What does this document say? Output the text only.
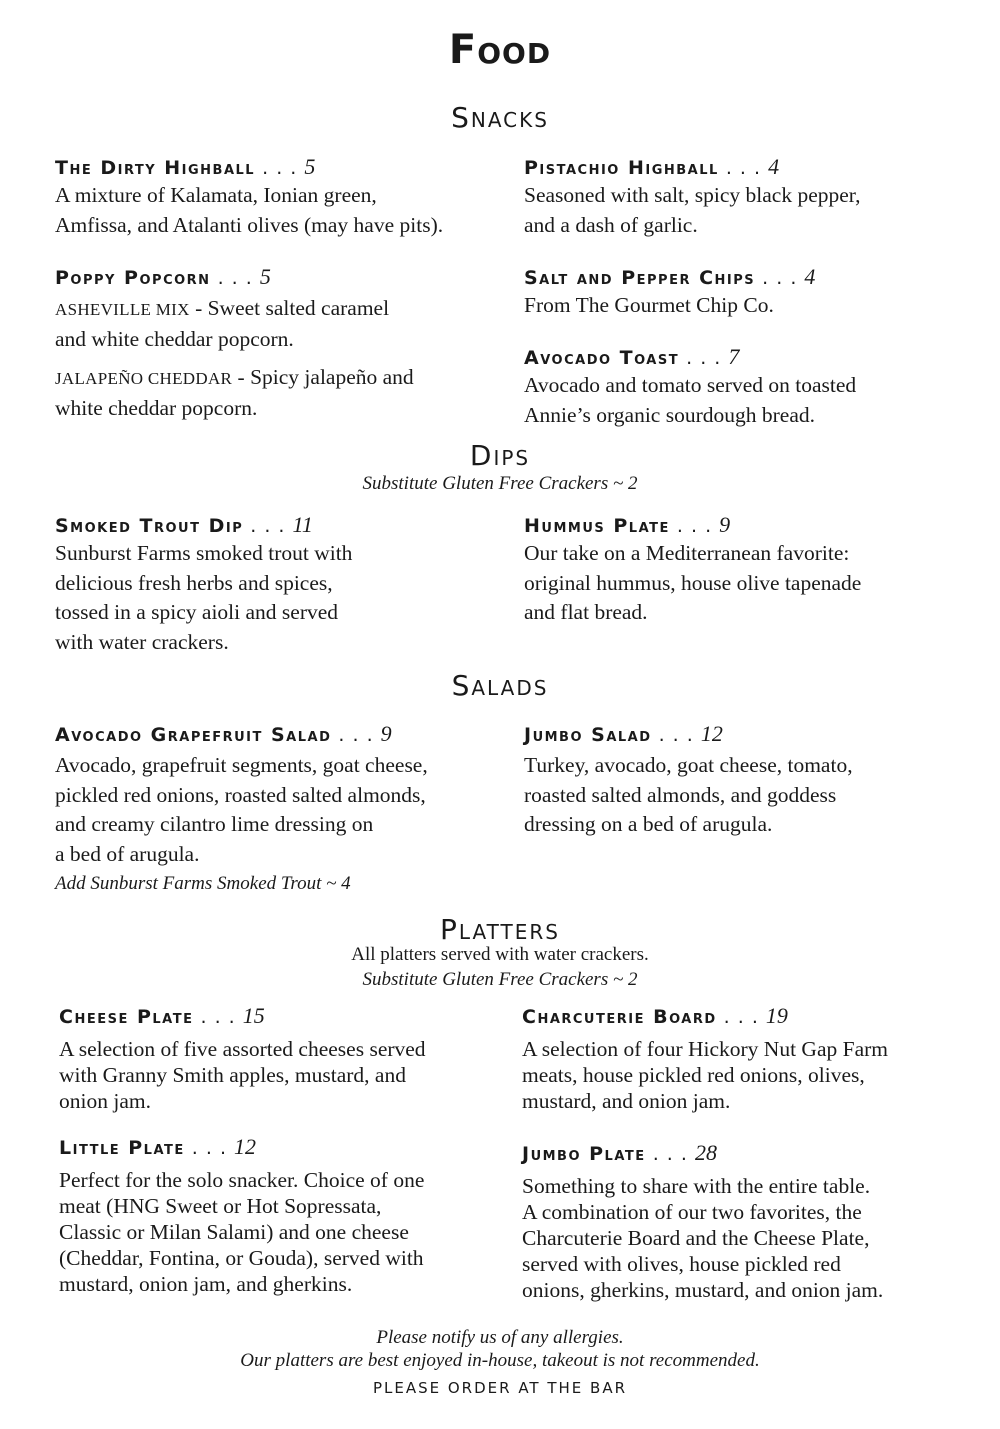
Food
Snacks
The Dirty Highball . . . 5
A mixture of Kalamata, Ionian green,
Amfissa, and Atalanti olives (may have pits).
Pistachio Highball . . . 4
Seasoned with salt, spicy black pepper,
and a dash of garlic.
Poppy Popcorn . . . 5
ASHEVILLE MIX - Sweet salted caramel
and white cheddar popcorn.
JALAPEÑO CHEDDAR - Spicy jalapeño and
white cheddar popcorn.
Salt and Pepper Chips . . . 4
From The Gourmet Chip Co.
Avocado Toast . . . 7
Avocado and tomato served on toasted
Annie’s organic sourdough bread.
Dips
Substitute Gluten Free Crackers ~ 2
Smoked Trout Dip . . . 11
Sunburst Farms smoked trout with
delicious fresh herbs and spices,
tossed in a spicy aioli and served
with water crackers.
Hummus Plate . . . 9
Our take on a Mediterranean favorite:
original hummus, house olive tapenade
and flat bread.
Salads
Avocado Grapefruit Salad . . . 9
Avocado, grapefruit segments, goat cheese,
pickled red onions, roasted salted almonds,
and creamy cilantro lime dressing on
a bed of arugula.
Add Sunburst Farms Smoked Trout ~ 4
Jumbo Salad . . . 12
Turkey, avocado, goat cheese, tomato,
roasted salted almonds, and goddess
dressing on a bed of arugula.
Platters
All platters served with water crackers.
Substitute Gluten Free Crackers ~ 2
Cheese Plate . . . 15
A selection of five assorted cheeses served
with Granny Smith apples, mustard, and
onion jam.
Charcuterie Board . . . 19
A selection of four Hickory Nut Gap Farm
meats, house pickled red onions, olives,
mustard, and onion jam.
Little Plate . . . 12
Perfect for the solo snacker. Choice of one
meat (HNG Sweet or Hot Sopressata,
Classic or Milan Salami) and one cheese
(Cheddar, Fontina, or Gouda), served with
mustard, onion jam, and gherkins.
Jumbo Plate . . . 28
Something to share with the entire table.
A combination of our two favorites, the
Charcuterie Board and the Cheese Plate,
served with olives, house pickled red
onions, gherkins, mustard, and onion jam.
Please notify us of any allergies.
Our platters are best enjoyed in-house, takeout is not recommended.
PLEASE ORDER AT THE BAR
